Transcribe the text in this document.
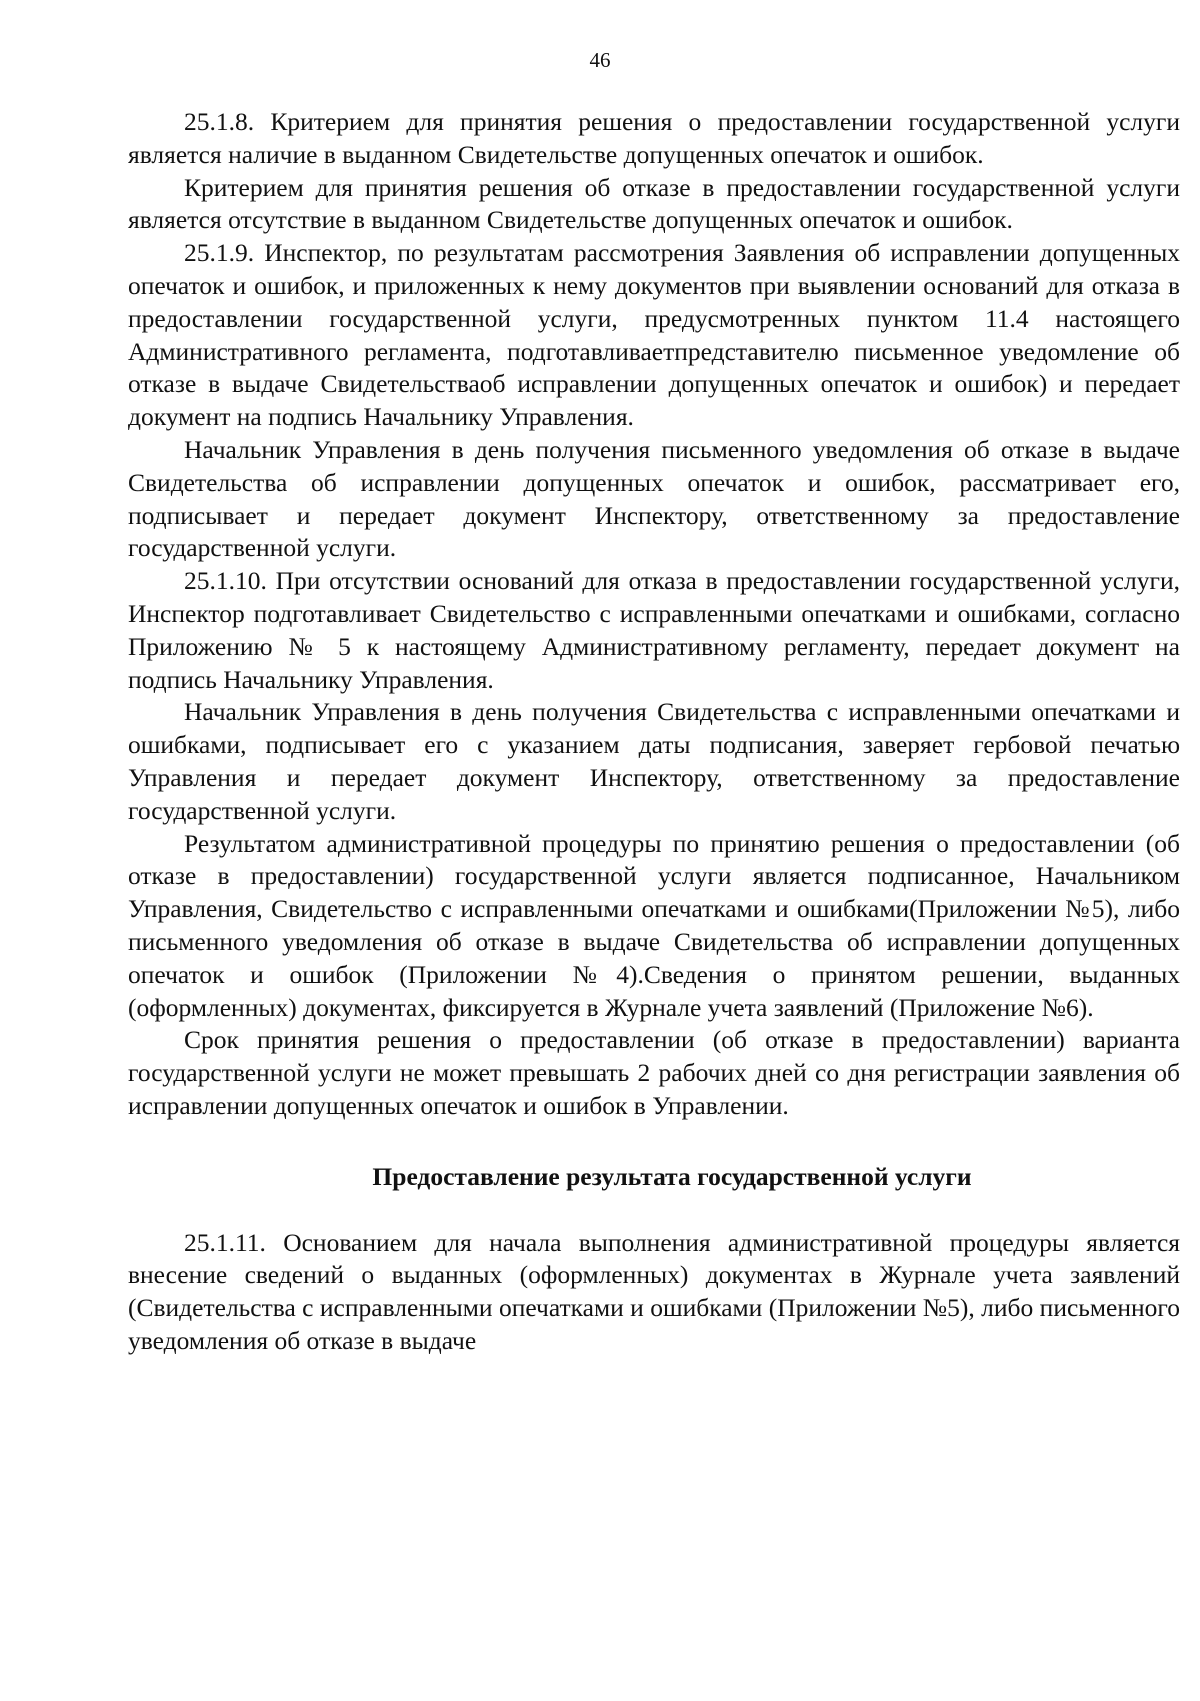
46

25.1.8. Критерием для принятия решения о предоставлении государственной услуги является наличие в выданном Свидетельстве допущенных опечаток и ошибок.

Критерием для принятия решения об отказе в предоставлении государственной услуги является отсутствие в выданном Свидетельстве допущенных опечаток и ошибок.

25.1.9. Инспектор, по результатам рассмотрения Заявления об исправлении допущенных опечаток и ошибок, и приложенных к нему документов при выявлении оснований для отказа в предоставлении государственной услуги, предусмотренных пунктом 11.4 настоящего Административного регламента, подготавливаетпредставителю письменное уведомление об отказе в выдаче Свидетельстваоб исправлении допущенных опечаток и ошибок) и передает документ на подпись Начальнику Управления.

Начальник Управления в день получения письменного уведомления об отказе в выдаче Свидетельства об исправлении допущенных опечаток и ошибок, рассматривает его, подписывает и передает документ Инспектору, ответственному за предоставление государственной услуги.

25.1.10. При отсутствии оснований для отказа в предоставлении государственной услуги, Инспектор подготавливает Свидетельство с исправленными опечатками и ошибками, согласно Приложению № 5 к настоящему Административному регламенту, передает документ на подпись Начальнику Управления.

Начальник Управления в день получения Свидетельства с исправленными опечатками и ошибками, подписывает его с указанием даты подписания, заверяет гербовой печатью Управления и передает документ Инспектору, ответственному за предоставление государственной услуги.

Результатом административной процедуры по принятию решения о предоставлении (об отказе в предоставлении) государственной услуги является подписанное, Начальником Управления, Свидетельство с исправленными опечатками и ошибками(Приложении №5), либо письменного уведомления об отказе в выдаче Свидетельства об исправлении допущенных опечаток и ошибок (Приложении №4).Сведения о принятом решении, выданных (оформленных) документах, фиксируется в Журнале учета заявлений (Приложение №6).

Срок принятия решения о предоставлении (об отказе в предоставлении) варианта государственной услуги не может превышать 2 рабочих дней со дня регистрации заявления об исправлении допущенных опечаток и ошибок в Управлении.

Предоставление результата государственной услуги

25.1.11. Основанием для начала выполнения административной процедуры является внесение сведений о выданных (оформленных) документах в Журнале учета заявлений (Свидетельства с исправленными опечатками и ошибками (Приложении №5), либо письменного уведомления об отказе в выдаче
